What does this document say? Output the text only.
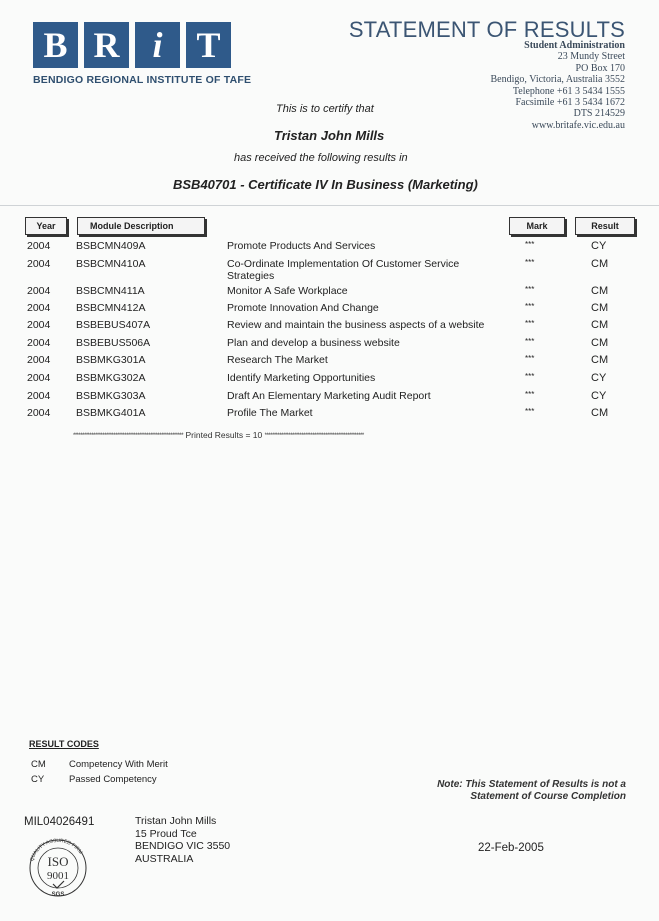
B R i T
BENDIGO REGIONAL INSTITUTE OF TAFE
STATEMENT OF RESULTS
Student Administration
23 Mundy Street
PO Box 170
Bendigo, Victoria, Australia 3552
Telephone +61 3 5434 1555
Facsimile +61 3 5434 1672
DTS 214529
www.britafe.vic.edu.au
This is to certify that
Tristan John Mills
has received the following results in
BSB40701 - Certificate IV In Business (Marketing)
Year	Module Description	Mark	Result
2004 BSBCMN409A	Promote Products And Services	***	CY
2004 BSBCMN410A	Co-Ordinate Implementation Of Customer Service Strategies
***	CM
2004 BSBCMN411A	Monitor A Safe Workplace	***	CM
2004 BSBCMN412A	Promote Innovation And Change	***	CM
2004 BSBEBUS407A	Review and maintain the business aspects of a website	***	CM
2004 BSBEBUS506A	Plan and develop a business website	***	CM
2004 BSBMKG301A	Research The Market	***	CM
2004 BSBMKG302A	Identify Marketing Opportunities	***	CY
2004 BSBMKG303A	Draft An Elementary Marketing Audit Report	***	CY
2004 BSBMKG401A	Profile The Market	***	CM
************************************************************ Printed Results = 10 ******************************************************
RESULT CODES
CM Competency With Merit
CY	Passed Competency	Note: This Statement of Results is not a
Statement of Course Completion
MIL04026491	Tristan John Mills
15 Proud Tce
BENDIGO VIC 3550
AUSTRALIA
22-Feb-2005
QUALITY ASSURED FIRM
ISO
9001
SGS
